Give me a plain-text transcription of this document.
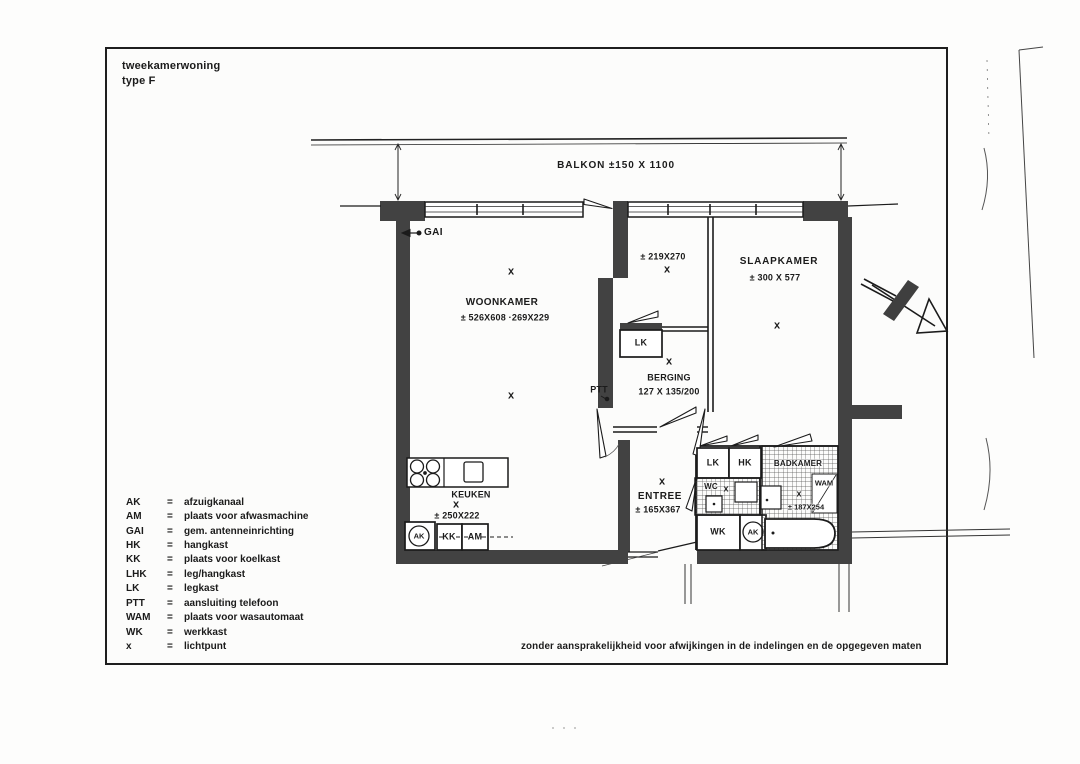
tweekamerwoning
type F
BALKON ±150 X 1100
GAI
WOONKAMER
± 526X608 ·269X229
± 219X270	SLAAPKAMER
± 300 X 577
BERGING
127 X 135/200
KEUKEN
± 250X222
ENTREE
± 165X367
BADKAMER
± 187X254
WAM
WC
PTT
LK
LK HK
WK
KK AM
AK	AK
x
x
x
x
x
x
x
x	x
AK	=	afzuigkanaal
AM	=	plaats voor afwasmachine
GAI	=	gem. antenneinrichting
HK	=	hangkast
KK	=	plaats voor koelkast
LHK	=	leg/hangkast
LK	=	legkast
PTT	=	aansluiting telefoon
WAM	=	plaats voor wasautomaat
WK	=	werkkast
x	=	lichtpunt	zonder aansprakelijkheid voor afwijkingen in de indelingen en de opgegeven maten
